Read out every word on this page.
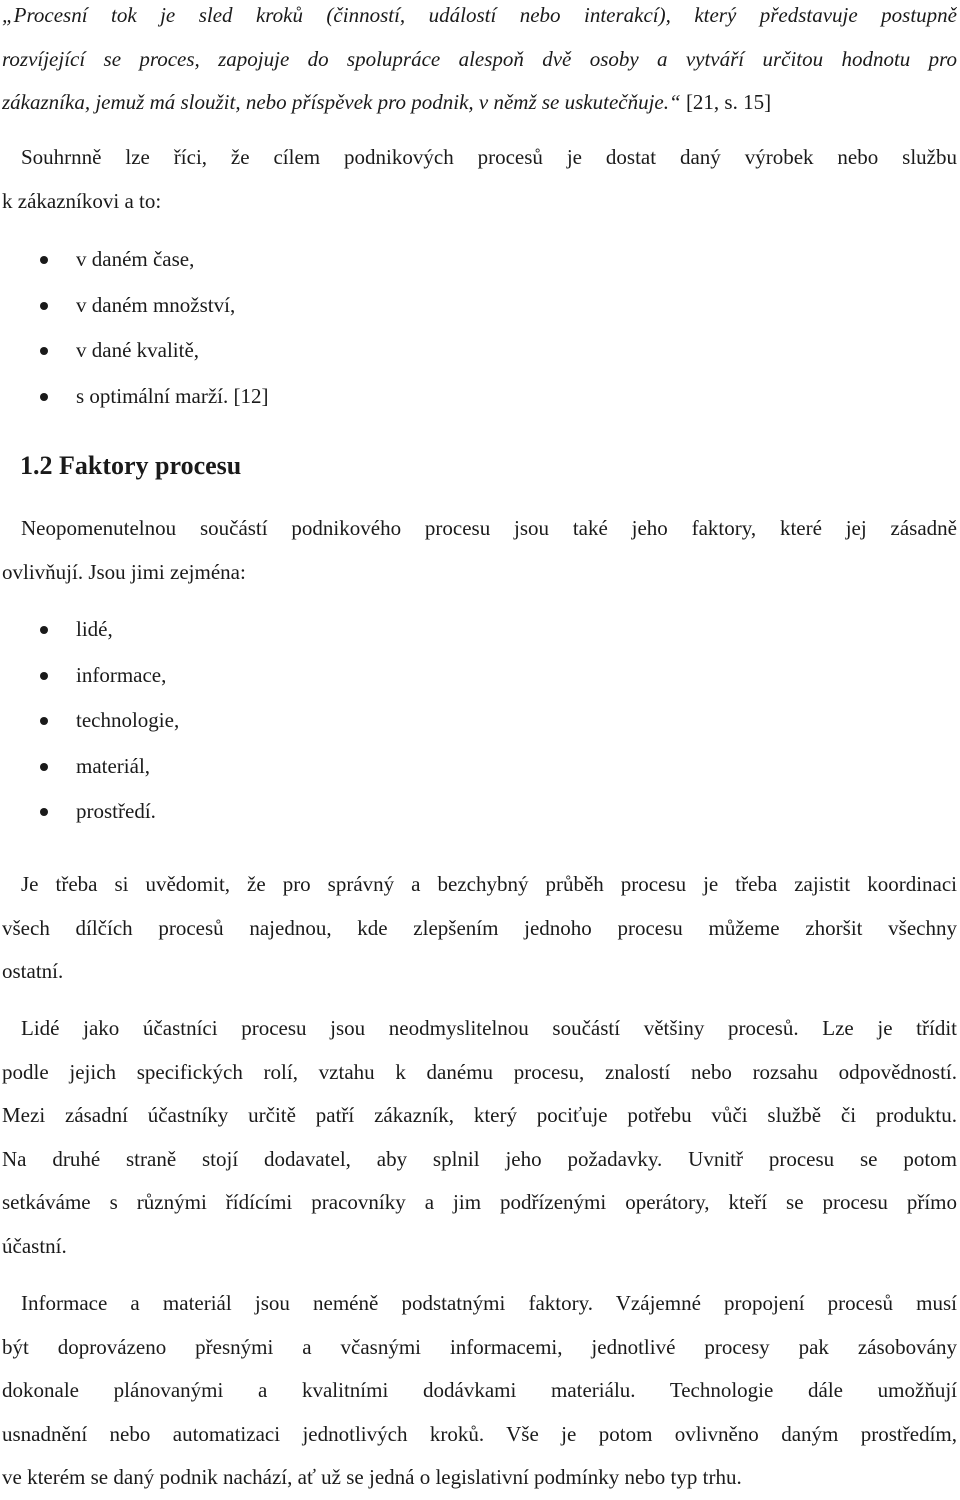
„Procesní tok je sled kroků (činností, událostí nebo interakcí), který představuje postupně
rozvíjející se proces, zapojuje do spolupráce alespoň dvě osoby a vytváří určitou hodnotu pro
zákazníka, jemuž má sloužit, nebo příspěvek pro podnik, v němž se uskutečňuje.“ [21, s. 15]
Souhrnně lze říci, že cílem podnikových procesů je dostat daný výrobek nebo službu
k zákazníkovi a to:
v daném čase,
v daném množství,
v dané kvalitě,
s optimální marží. [12]
1.2 Faktory procesu
Neopomenutelnou součástí podnikového procesu jsou také jeho faktory, které jej zásadně
ovlivňují. Jsou jimi zejména:
lidé,
informace,
technologie,
materiál,
prostředí.
Je třeba si uvědomit, že pro správný a bezchybný průběh procesu je třeba zajistit koordinaci
všech dílčích procesů najednou, kde zlepšením jednoho procesu můžeme zhoršit všechny
ostatní.
Lidé jako účastníci procesu jsou neodmyslitelnou součástí většiny procesů. Lze je třídit
podle jejich specifických rolí, vztahu k danému procesu, znalostí nebo rozsahu odpovědností.
Mezi zásadní účastníky určitě patří zákazník, který pociťuje potřebu vůči službě či produktu.
Na druhé straně stojí dodavatel, aby splnil jeho požadavky. Uvnitř procesu se potom
setkáváme s různými řídícími pracovníky a jim podřízenými operátory, kteří se procesu přímo
účastní.
Informace a materiál jsou neméně podstatnými faktory. Vzájemné propojení procesů musí
být doprovázeno přesnými a včasnými informacemi, jednotlivé procesy pak zásobovány
dokonale plánovanými a kvalitními dodávkami materiálu. Technologie dále umožňují
usnadnění nebo automatizaci jednotlivých kroků. Vše je potom ovlivněno daným prostředím,
ve kterém se daný podnik nachází, ať už se jedná o legislativní podmínky nebo typ trhu.
